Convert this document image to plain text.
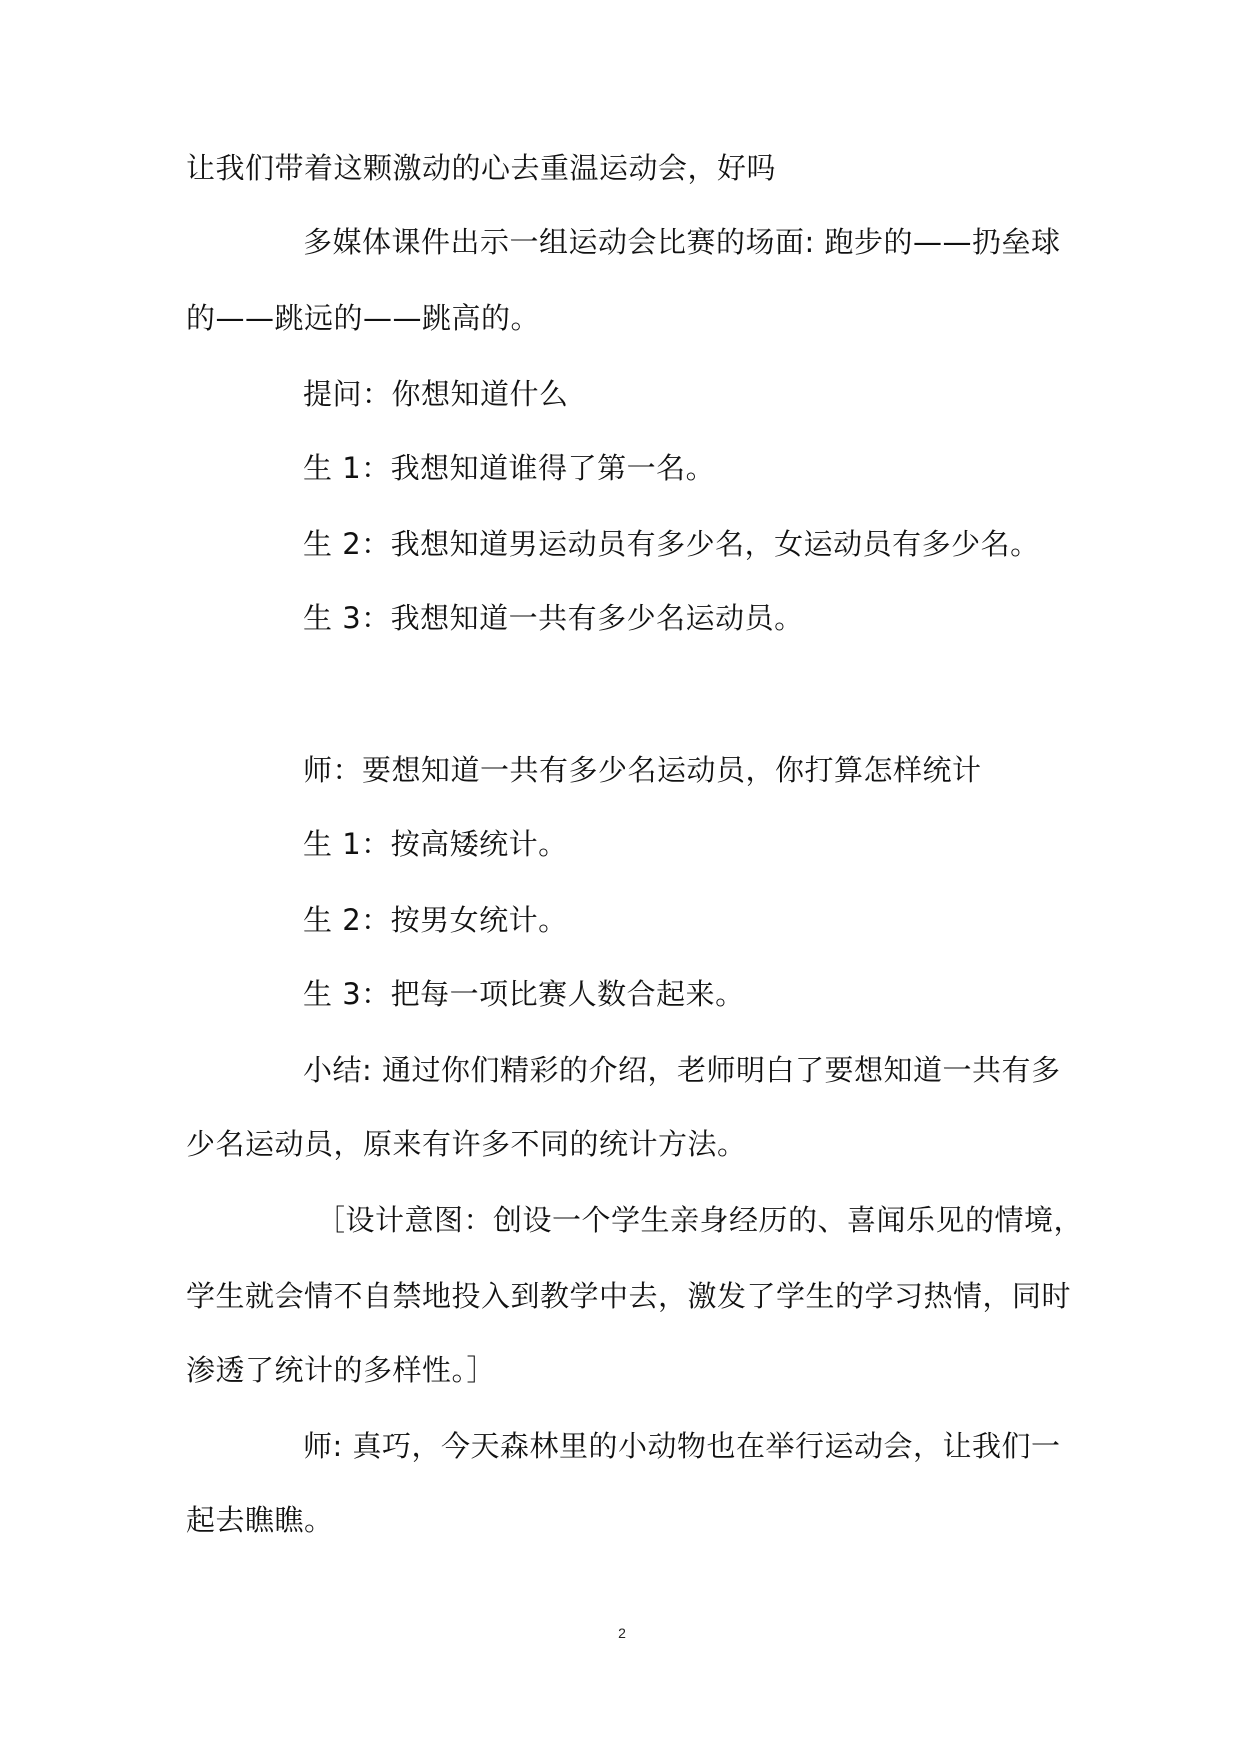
让我们带着这颗激动的心去重温运动会，好吗
多媒体课件出示一组运动会比赛的场面: 跑步的——扔垒球
的——跳远的——跳高的。
提问：你想知道什么
生 1：我想知道谁得了第一名。
生 2：我想知道男运动员有多少名，女运动员有多少名。
生 3：我想知道一共有多少名运动员。
师：要想知道一共有多少名运动员，你打算怎样统计
生 1：按高矮统计。
生 2：按男女统计。
生 3：把每一项比赛人数合起来。
小结: 通过你们精彩的介绍，老师明白了要想知道一共有多
少名运动员，原来有许多不同的统计方法。
［设计意图：创设一个学生亲身经历的、喜闻乐见的情境，
学生就会情不自禁地投入到教学中去，激发了学生的学习热情，同时
渗透了统计的多样性。］
师: 真巧，今天森林里的小动物也在举行运动会，让我们一
起去瞧瞧。
2
